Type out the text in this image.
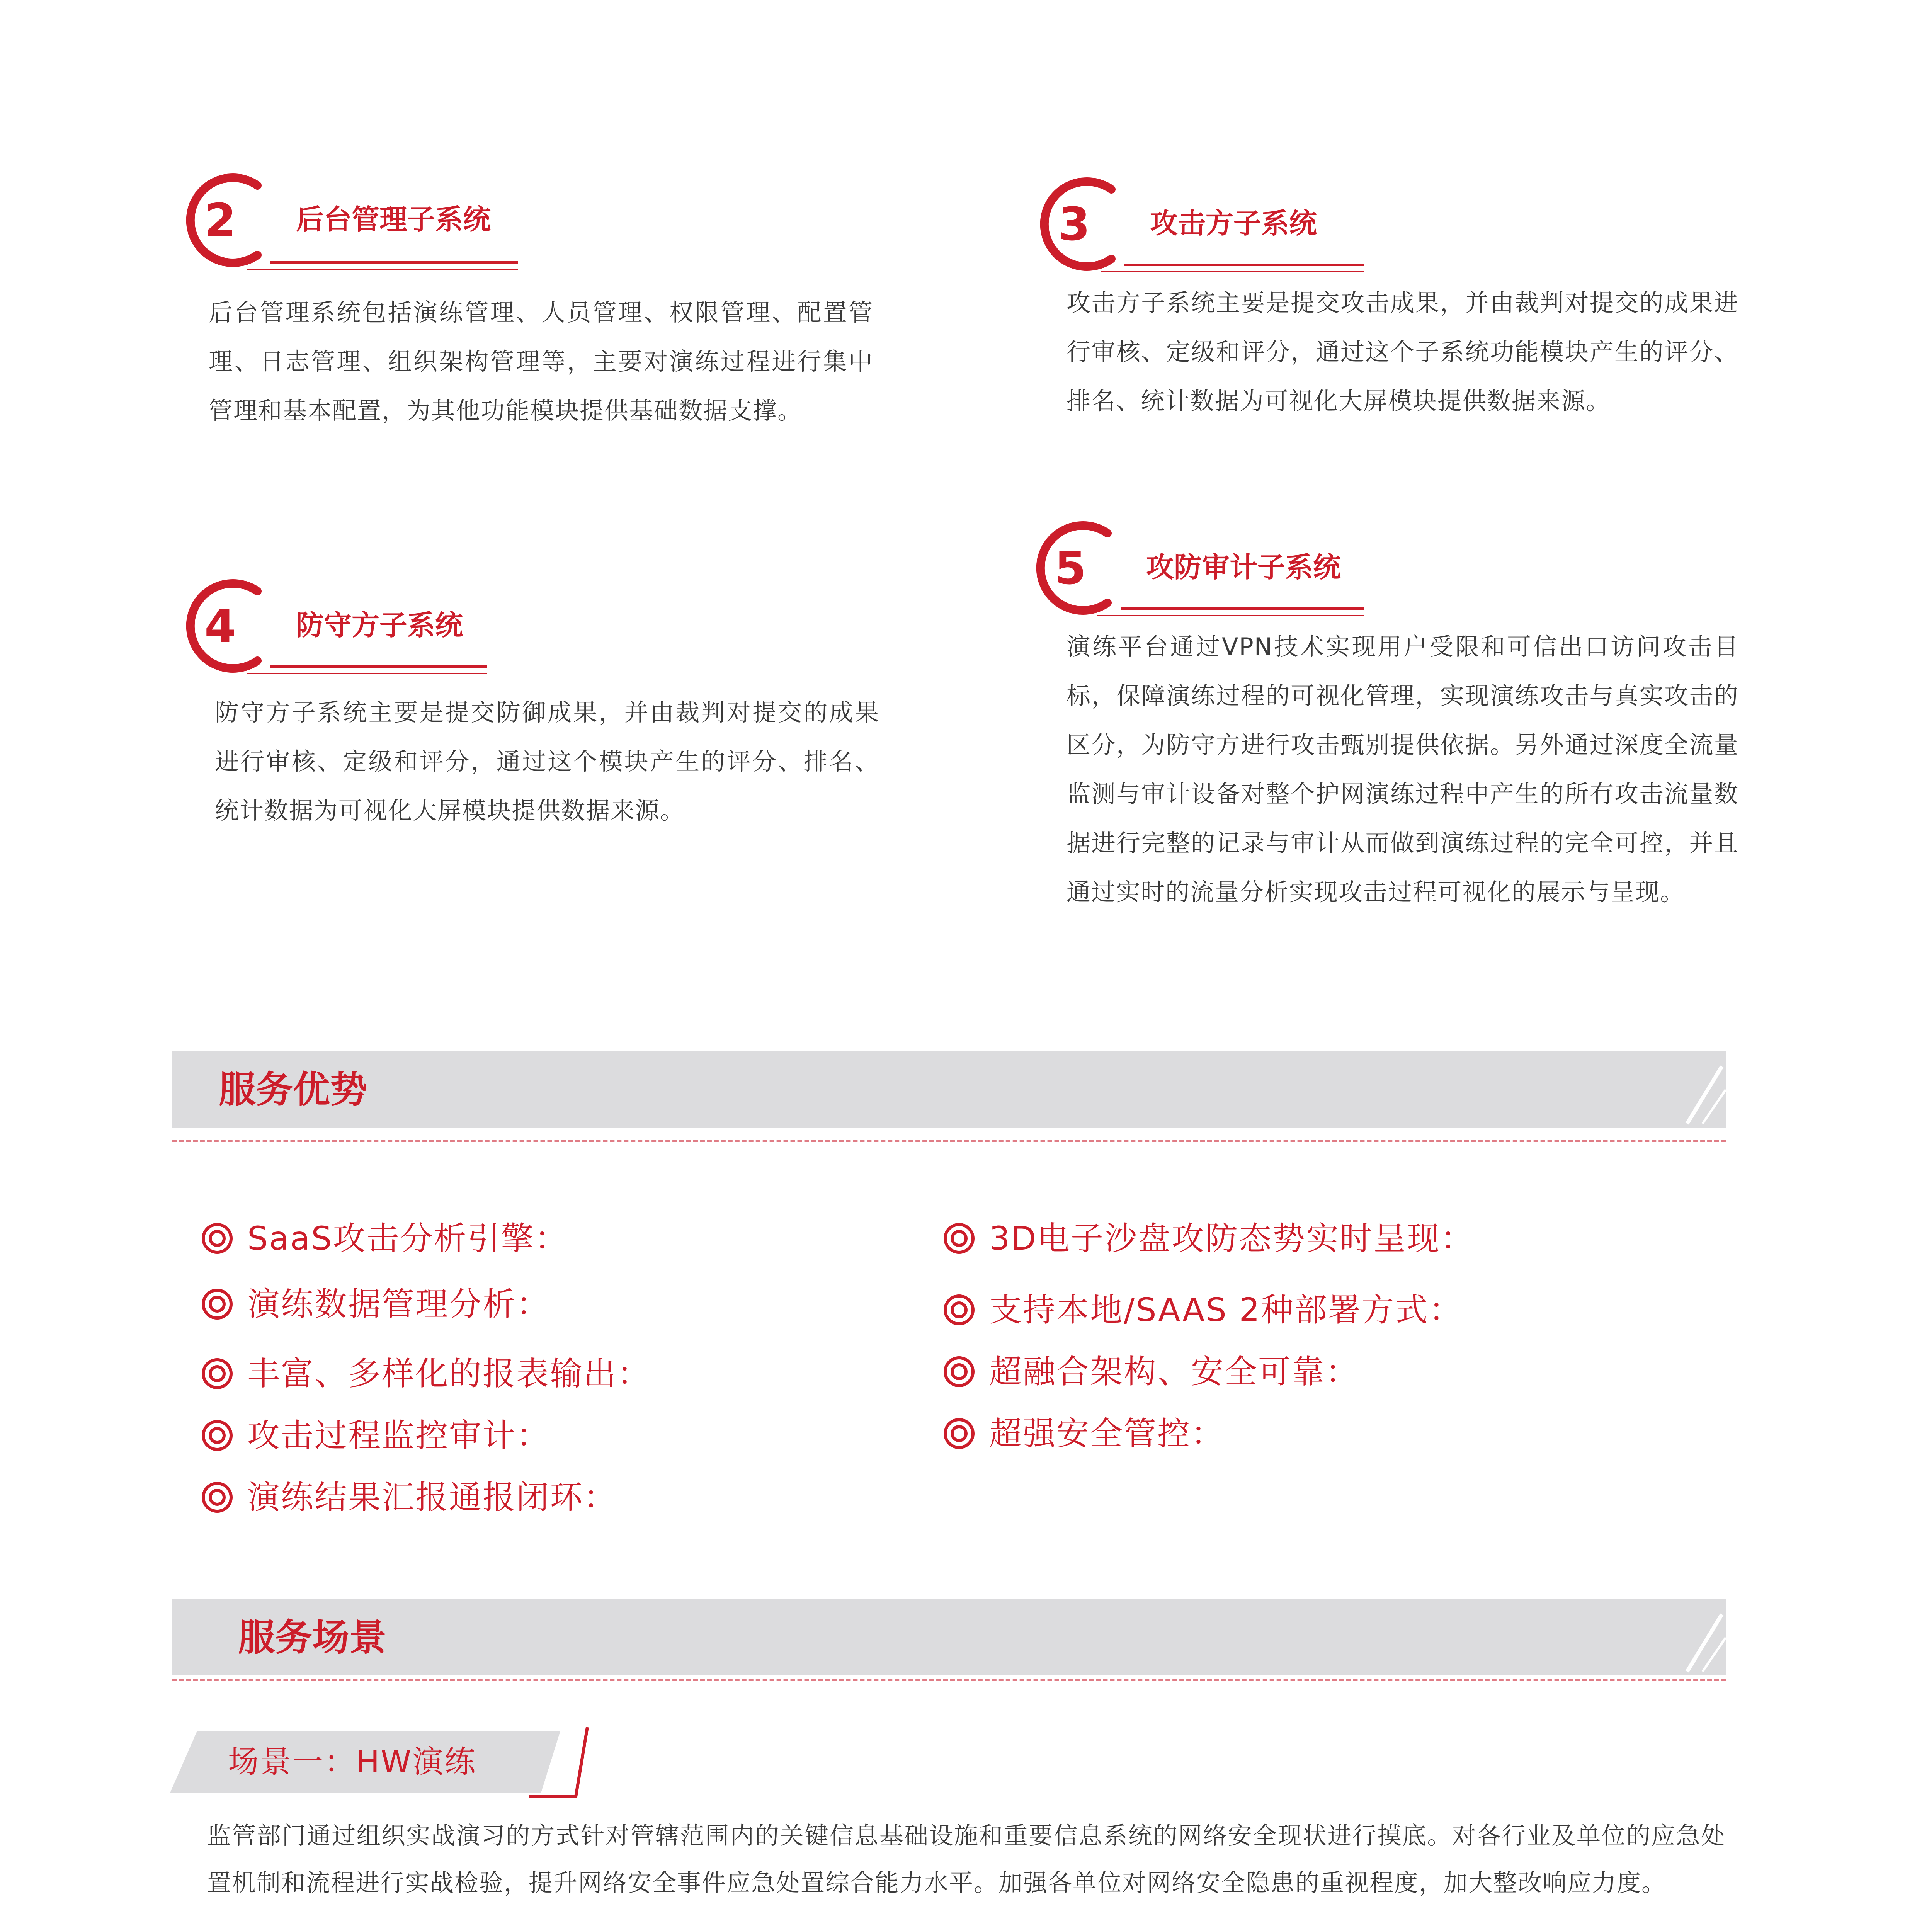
2	后台管理子系统
后台管理系统包括演练管理、人员管理、权限管理、配置管理、日志管理、组织架构管理等，主要对演练过程进行集中管理和基本配置，为其他功能模块提供基础数据支撑。
3	攻击方子系统
攻击方子系统主要是提交攻击成果，并由裁判对提交的成果进行审核、定级和评分，通过这个子系统功能模块产生的评分、排名、统计数据为可视化大屏模块提供数据来源。
4	防守方子系统
防守方子系统主要是提交防御成果，并由裁判对提交的成果进行审核、定级和评分，通过这个模块产生的评分、排名、统计数据为可视化大屏模块提供数据来源。
5	攻防审计子系统
演练平台通过VPN技术实现用户受限和可信出口访问攻击目标，保障演练过程的可视化管理，实现演练攻击与真实攻击的区分，为防守方进行攻击甄别提供依据。另外通过深度全流量监测与审计设备对整个护网演练过程中产生的所有攻击流量数据进行完整的记录与审计从而做到演练过程的完全可控，并且通过实时的流量分析实现攻击过程可视化的展示与呈现。
服务优势
SaaS攻击分析引擎：
演练数据管理分析：
丰富、多样化的报表输出：
攻击过程监控审计：
演练结果汇报通报闭环：
3D电子沙盘攻防态势实时呈现：
支持本地/SAAS 2种部署方式：
超融合架构、安全可靠：
超强安全管控：
服务场景
场景一：HW演练
监管部门通过组织实战演习的方式针对管辖范围内的关键信息基础设施和重要信息系统的网络安全现状进行摸底。对各行业及单位的应急处置机制和流程进行实战检验，提升网络安全事件应急处置综合能力水平。加强各单位对网络安全隐患的重视程度，加大整改响应力度。
